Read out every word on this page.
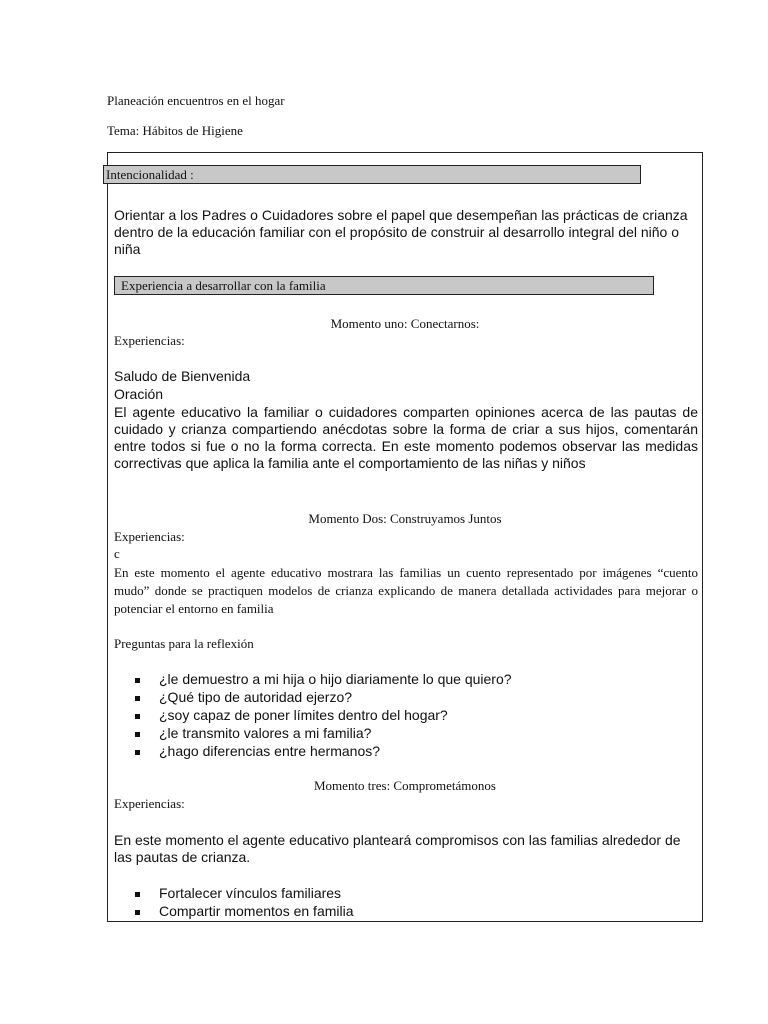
Planeación encuentros en el hogar
Tema: Hábitos de Higiene
Intencionalidad :
Orientar a los Padres o Cuidadores sobre el papel que desempeñan las prácticas de crianza dentro de la educación familiar con el propósito de construir al desarrollo integral del niño o niña
Experiencia a desarrollar con la familia
Momento uno: Conectarnos:
Experiencias:
Saludo de Bienvenida
Oración
El agente educativo la familiar o cuidadores comparten opiniones acerca de las pautas de cuidado y crianza compartiendo anécdotas sobre la forma de criar a sus hijos, comentarán entre todos si fue o no la forma correcta. En este momento podemos observar las medidas correctivas que aplica la familia ante el comportamiento de las niñas y niños
Momento Dos: Construyamos Juntos
Experiencias:
c
En este momento el agente educativo mostrara las familias un cuento representado por imágenes “cuento mudo” donde se practiquen modelos de crianza explicando de manera detallada actividades para mejorar o potenciar el entorno en familia
Preguntas para la reflexión
¿le demuestro a mi hija o hijo diariamente lo que quiero?
¿Qué tipo de autoridad ejerzo?
¿soy capaz de poner límites dentro del hogar?
¿le transmito valores a mi familia?
¿hago diferencias entre hermanos?
Momento tres: Comprometámonos
Experiencias:
En este momento el agente educativo planteará compromisos con las familias alrededor de las pautas de crianza.
Fortalecer vínculos familiares
Compartir momentos en familia
